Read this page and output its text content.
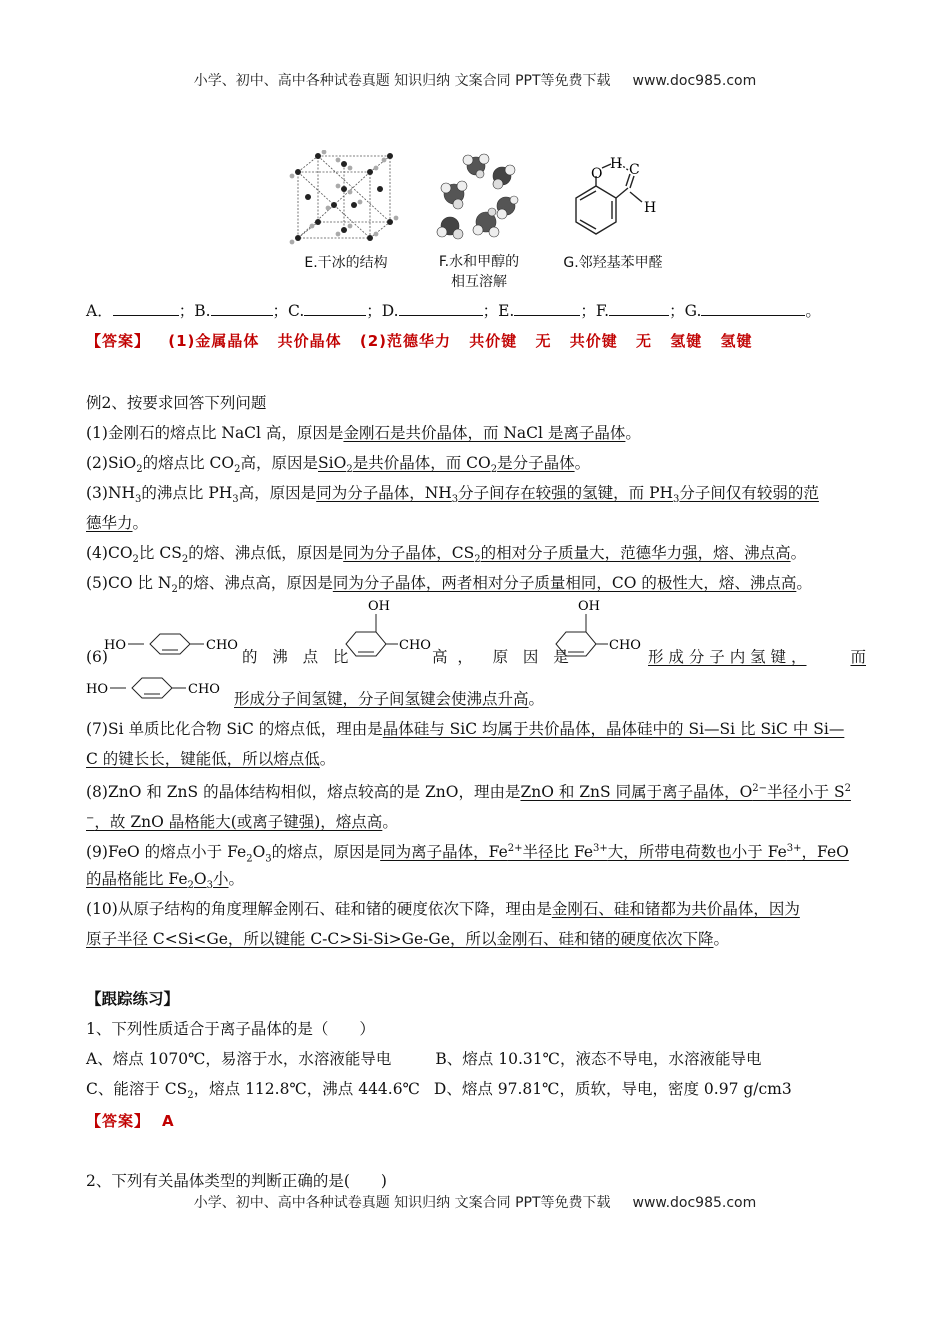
小学、初中、高中各种试卷真题 知识归纳 文案合同 PPT等免费下载 www.doc985.com
E.干冰的结构	F.水和甲醇的
相互溶解
O
H C
H
G.邻羟基苯甲醛
A．	；B.	；C.	；D.	；E.	；F.	；G.	。
【答案】 (1)金属晶体 共价晶体 (2)范德华力 共价键 无 共价键 无 氢键 氢键
例2、按要求回答下列问题
(1)金刚石的熔点比 NaCl 高，原因是金刚石是共价晶体，而 NaCl 是离子晶体。
(2)SiO$_2$的熔点比 $CO_2$高，原因是SiO$_2$是共价晶体，而 $CO_2$是分子晶体。
$(3)NH_3$的沸点比 $PH_3$高，原因是同为分子晶体，$NH_3$分子间存在较强的氢键，而 $PH_3$分子间仅有较弱的范
德华力。
$(4)CO_2$比 $CS_2$的熔、沸点低，原因是同为分子晶体，$CS_2$的相对分子质量大，范德华力强，熔、沸点高。
(5)CO 比 $N_2$的熔、沸点高，原因是同为分子晶体，两者相对分子质量相同，CO 的极性大，熔、沸点高。
(6)
HO	CHO
的 沸 点 比
OH
CHO
高 ， 原 因 是
OH
CHO
形 成 分 子 内 氢 键 ，	而
HO	CHO
形成分子间氢键，分子间氢键会使沸点升高。
(7)Si 单质比化合物 SiC 的熔点低，理由是晶体硅与 SiC 均属于共价晶体，晶体硅中的 Si—Si 比 SiC 中 Si—
C 的键长长，键能低，所以熔点低。
(8)ZnO 和 ZnS 的晶体结构相似，熔点较高的是 ZnO，理由是ZnO 和 ZnS 同属于离子晶体，$O^{2-}$半径小于 $S^2$
−，故 ZnO 晶格能大(或离子键强)，熔点高。
(9)FeO 的熔点小于 $Fe_2O_3$的熔点，原因是同为离子晶体，$Fe^{2+}$半径比 $Fe^{3+}$大，所带电荷数也小于 $Fe^{3+}$，FeO
的晶格能比 $Fe_2O_3$小。
(10)从原子结构的角度理解金刚石、硅和锗的硬度依次下降，理由是金刚石、硅和锗都为共价晶体，因为
原子半径 C<Si<Ge，所以键能 C-C>Si-Si>Ge-Ge，所以金刚石、硅和锗的硬度依次下降。
【跟踪练习】
1、下列性质适合于离子晶体的是（　　）
A、熔点 1070℃，易溶于水，水溶液能导电	B、熔点 10.31℃，液态不导电，水溶液能导电
C、能溶于 $CS_2$，熔点 112.8℃，沸点 444.6℃ D、熔点 97.81℃，质软，导电，密度 0.97 g/cm3
【答案】 A
2、下列有关晶体类型的判断正确的是(　　)
小学、初中、高中各种试卷真题 知识归纳 文案合同 PPT等免费下载 www.doc985.com
